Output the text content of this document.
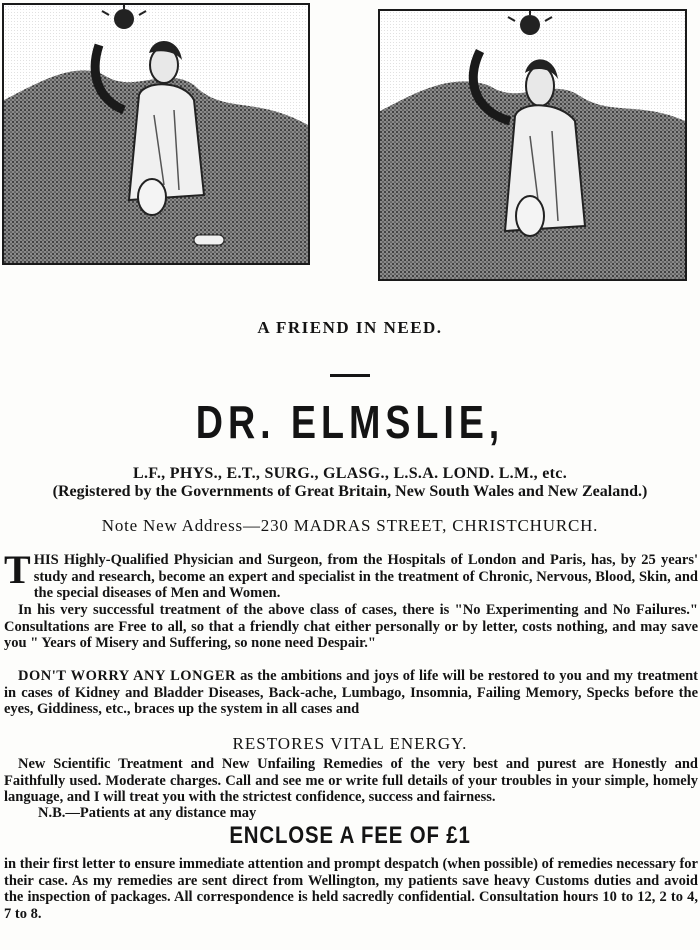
A FRIEND IN NEED.
DR. ELMSLIE,
L.F., PHYS., E.T., SURG., GLASG., L.S.A. LOND. L.M., etc.
(Registered by the Governments of Great Britain, New South Wales and New Zealand.)
Note New Address—230 MADRAS STREET, CHRISTCHURCH.
THIS Highly-Qualified Physician and Surgeon, from the Hospitals of London and Paris, has, by 25 years' study and research, become an expert and specialist in the treatment of Chronic, Nervous, Blood, Skin, and the special diseases of Men and Women.
In his very successful treatment of the above class of cases, there is "No Experimenting and No Failures." Consultations are Free to all, so that a friendly chat either personally or by letter, costs nothing, and may save you " Years of Misery and Suffering, so none need Despair."
DON'T WORRY ANY LONGER as the ambitions and joys of life will be restored to you and my treatment in cases of Kidney and Bladder Diseases, Back-ache, Lumbago, Insomnia, Failing Memory, Specks before the eyes, Giddiness, etc., braces up the system in all cases and
RESTORES VITAL ENERGY.
New Scientific Treatment and New Unfailing Remedies of the very best and purest are Honestly and Faithfully used. Moderate charges. Call and see me or write full details of your troubles in your simple, homely language, and I will treat you with the strictest confidence, success and fairness.
N.B.—Patients at any distance may
ENCLOSE A FEE OF £1
in their first letter to ensure immediate attention and prompt despatch (when possible) of remedies necessary for their case. As my remedies are sent direct from Wellington, my patients save heavy Customs duties and avoid the inspection of packages. All correspondence is held sacredly confidential. Consultation hours 10 to 12, 2 to 4, 7 to 8.
